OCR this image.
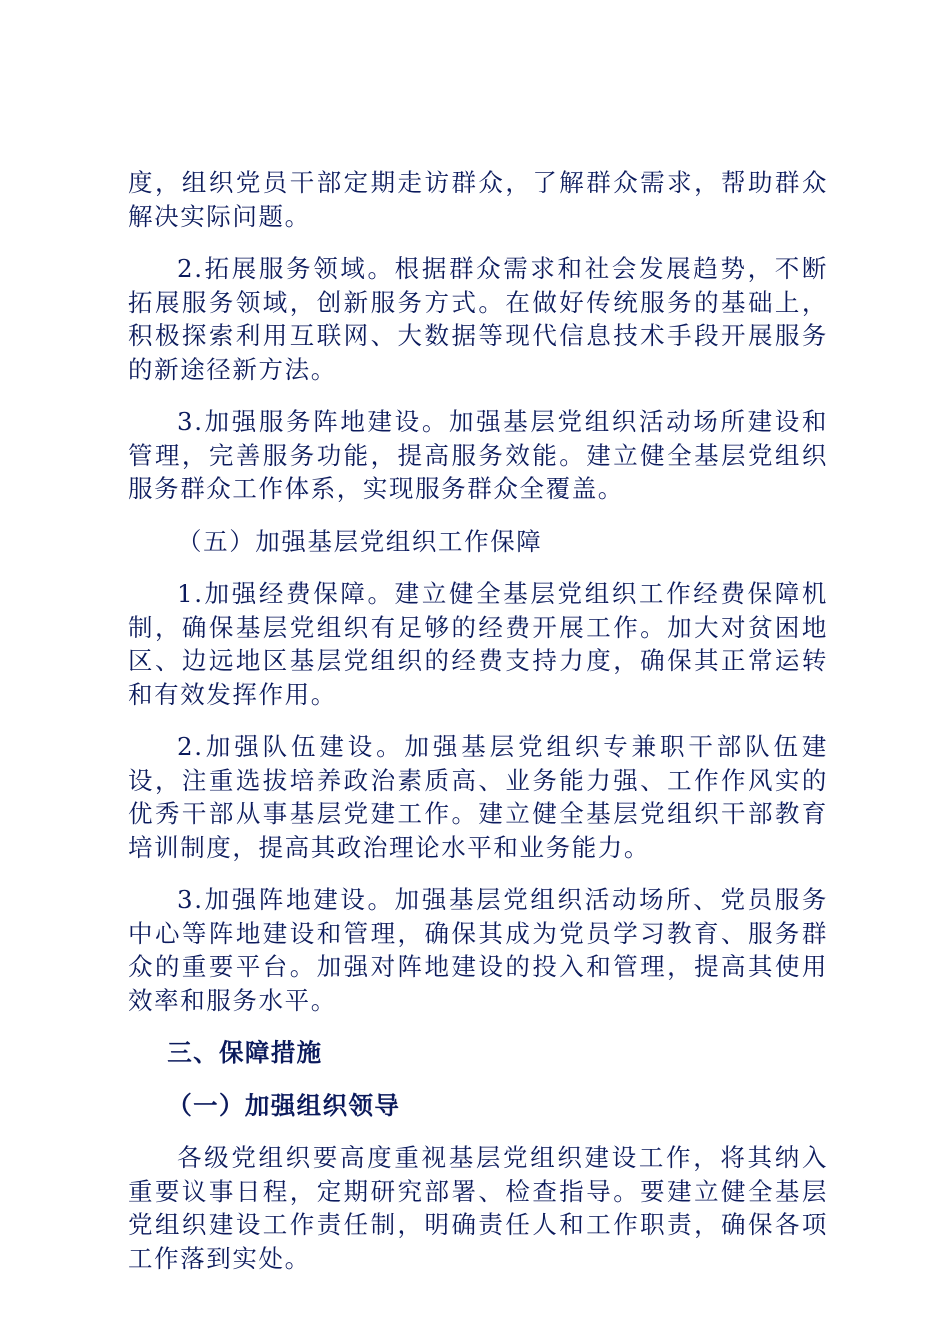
度，组织党员干部定期走访群众，了解群众需求，帮助群众解决实际问题。

2.拓展服务领域。根据群众需求和社会发展趋势，不断拓展服务领域，创新服务方式。在做好传统服务的基础上，积极探索利用互联网、大数据等现代信息技术手段开展服务的新途径新方法。

3.加强服务阵地建设。加强基层党组织活动场所建设和管理，完善服务功能，提高服务效能。建立健全基层党组织服务群众工作体系，实现服务群众全覆盖。

（五）加强基层党组织工作保障

1.加强经费保障。建立健全基层党组织工作经费保障机制，确保基层党组织有足够的经费开展工作。加大对贫困地区、边远地区基层党组织的经费支持力度，确保其正常运转和有效发挥作用。

2.加强队伍建设。加强基层党组织专兼职干部队伍建设，注重选拔培养政治素质高、业务能力强、工作作风实的优秀干部从事基层党建工作。建立健全基层党组织干部教育培训制度，提高其政治理论水平和业务能力。

3.加强阵地建设。加强基层党组织活动场所、党员服务中心等阵地建设和管理，确保其成为党员学习教育、服务群众的重要平台。加强对阵地建设的投入和管理，提高其使用效率和服务水平。

三、保障措施

（一）加强组织领导

各级党组织要高度重视基层党组织建设工作，将其纳入重要议事日程，定期研究部署、检查指导。要建立健全基层党组织建设工作责任制，明确责任人和工作职责，确保各项工作落到实处。
